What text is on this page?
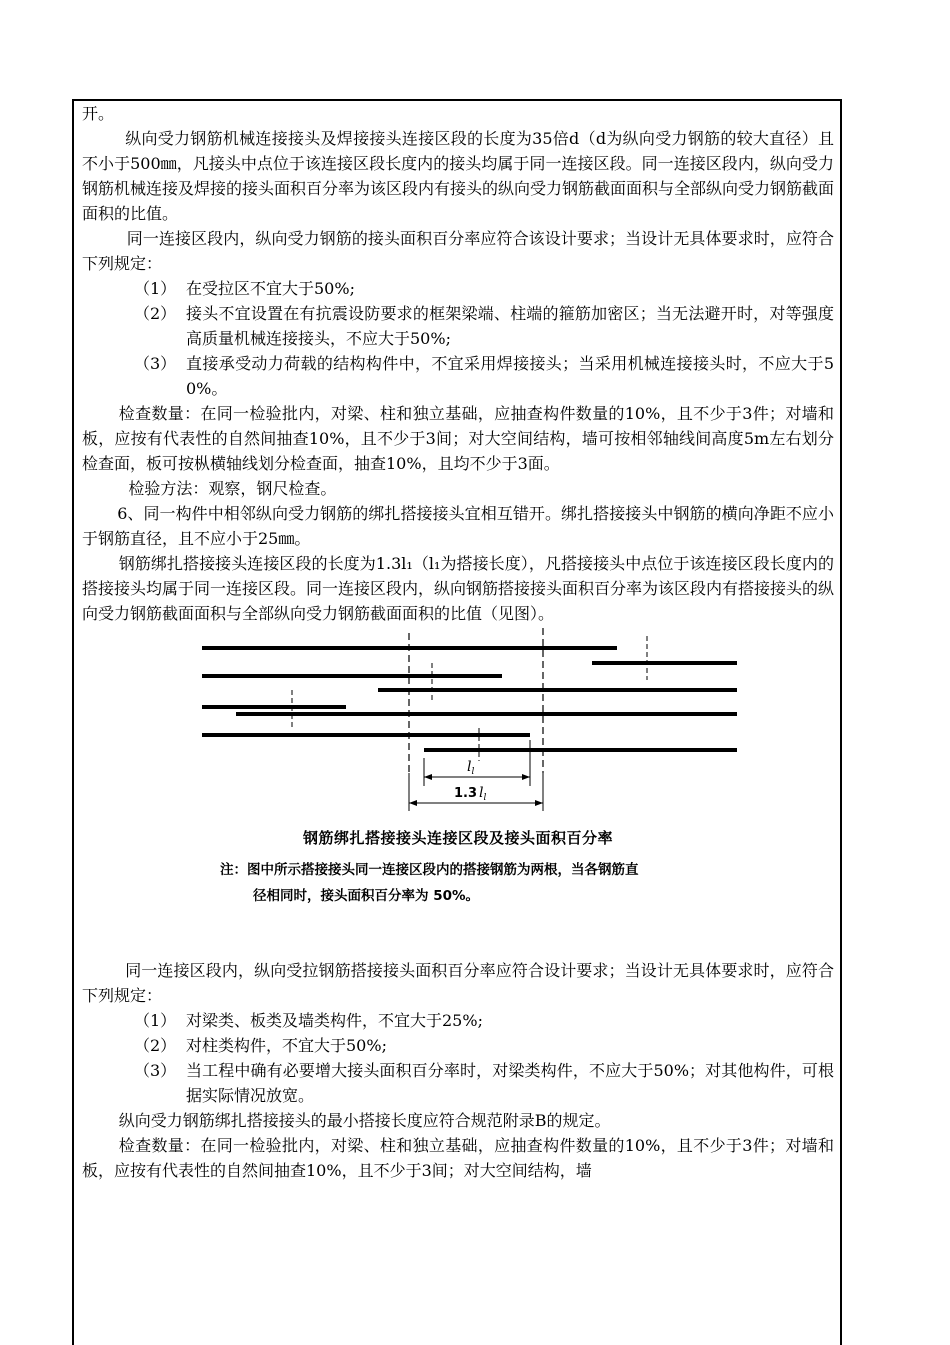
开。

纵向受力钢筋机械连接接头及焊接接头连接区段的长度为35倍d（d为纵向受力钢筋的较大直径）且不小于500㎜，凡接头中点位于该连接区段长度内的接头均属于同一连接区段。同一连接区段内，纵向受力钢筋机械连接及焊接的接头面积百分率为该区段内有接头的纵向受力钢筋截面面积与全部纵向受力钢筋截面面积的比值。

同一连接区段内，纵向受力钢筋的接头面积百分率应符合该设计要求；当设计无具体要求时，应符合下列规定：

（1） 在受拉区不宜大于50%;
（2） 接头不宜设置在有抗震设防要求的框架梁端、柱端的箍筋加密区；当无法避开时，对等强度高质量机械连接接头，不应大于50%;
（3） 直接承受动力荷载的结构构件中，不宜采用焊接接头；当采用机械连接接头时，不应大于50%。

检查数量：在同一检验批内，对梁、柱和独立基础，应抽查构件数量的10%，且不少于3件；对墙和板，应按有代表性的自然间抽查10%，且不少于3间；对大空间结构，墙可按相邻轴线间高度5m左右划分检查面，板可按枞横轴线划分检查面，抽查10%，且均不少于3面。

检验方法：观察，钢尺检查。

6、同一构件中相邻纵向受力钢筋的绑扎搭接接头宜相互错开。绑扎搭接接头中钢筋的横向净距不应小于钢筋直径，且不应小于25㎜。

钢筋绑扎搭接接头连接区段的长度为1.3l₁（l₁为搭接长度），凡搭接接头中点位于该连接区段长度内的搭接接头均属于同一连接区段。同一连接区段内，纵向钢筋搭接接头面积百分率为该区段内有搭接接头的纵向受力钢筋截面面积与全部纵向受力钢筋截面面积的比值（见图）。

$l_l$
1.3 $l_l$
钢筋绑扎搭接接头连接区段及接头面积百分率
注：图中所示搭接接头同一连接区段内的搭接钢筋为两根，当各钢筋直
径相同时，接头面积百分率为 50%。

同一连接区段内，纵向受拉钢筋搭接接头面积百分率应符合设计要求；当设计无具体要求时，应符合下列规定：

（1） 对梁类、板类及墙类构件，不宜大于25%;
（2） 对柱类构件，不宜大于50%;
（3） 当工程中确有必要增大接头面积百分率时，对梁类构件，不应大于50%；对其他构件，可根据实际情况放宽。

纵向受力钢筋绑扎搭接接头的最小搭接长度应符合规范附录B的规定。

检查数量：在同一检验批内，对梁、柱和独立基础，应抽查构件数量的10%，且不少于3件；对墙和板，应按有代表性的自然间抽查10%，且不少于3间；对大空间结构，墙
